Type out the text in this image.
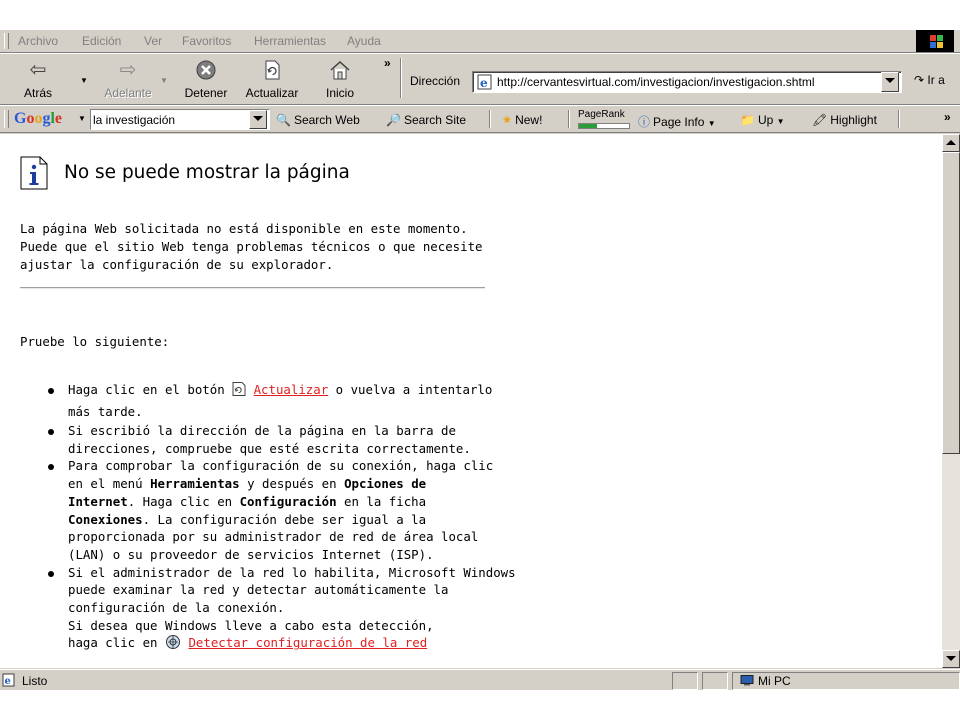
Archivo Edición Ver Favoritos Herramientas Ayuda
⇦
Atrás
▼ ⇨
Adelante
▼
Detener	Actualizar	Inicio
»
Dirección e
http://cervantesvirtual.com/investigacion/investigacion.shtml	↷ Ir a
Google ▼
la investigación	🔍 Search Web 🔎 Search Site	✷ New!	PageRank
ⓘ Page Info ▼ 📁 Up ▼ 🖍 Highlight	»
No se puede mostrar la página
La página Web solicitada no está disponible en este momento.
Puede que el sitio Web tenga problemas técnicos o que necesite
ajustar la configuración de su explorador.
Pruebe lo siguiente:
Haga clic en el botón Actualizar o vuelva a intentarlo
más tarde.
Si escribió la dirección de la página en la barra de
direcciones, compruebe que esté escrita correctamente.
Para comprobar la configuración de su conexión, haga clic
en el menú Herramientas y después en Opciones de
Internet. Haga clic en Configuración en la ficha
Conexiones. La configuración debe ser igual a la
proporcionada por su administrador de red de área local
(LAN) o su proveedor de servicios Internet (ISP).
Si el administrador de la red lo habilita, Microsoft Windows
puede examinar la red y detectar automáticamente la
configuración de la conexión.
Si desea que Windows lleve a cabo esta detección,
haga clic en Detectar configuración de la red
e Listo	Mi PC
